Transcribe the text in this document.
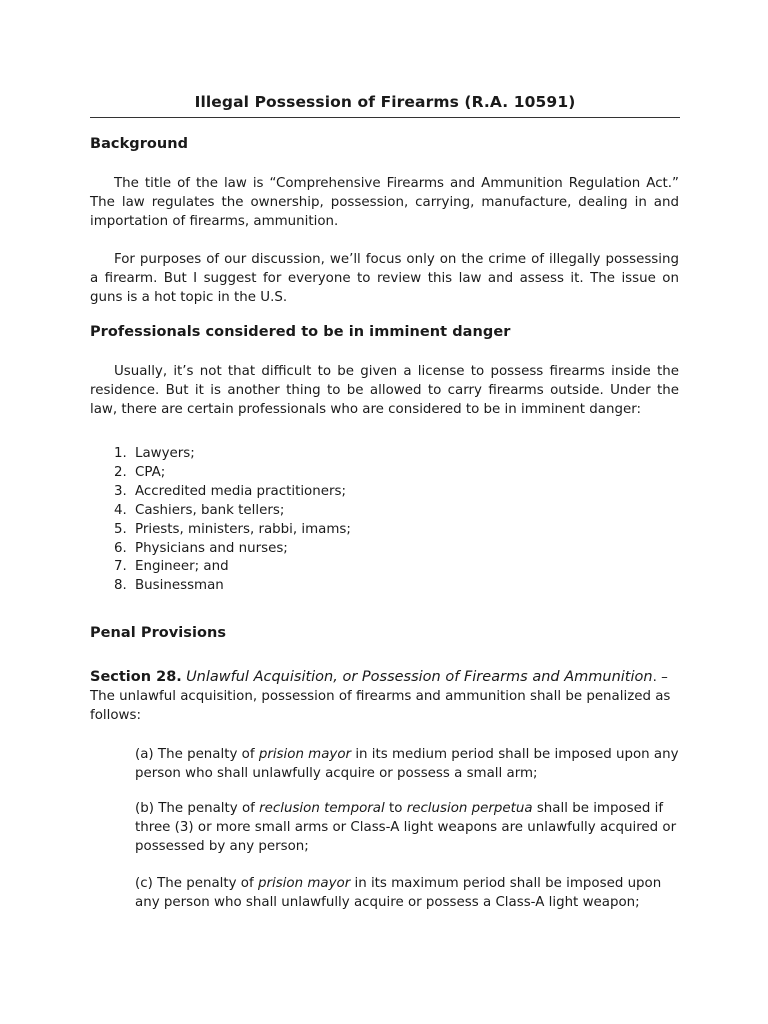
Illegal Possession of Firearms (R.A. 10591)
Background

The title of the law is “Comprehensive Firearms and Ammunition Regulation Act.” The law regulates the ownership, possession, carrying, manufacture, dealing in and importation of firearms, ammunition.

For purposes of our discussion, we’ll focus only on the crime of illegally possessing a firearm. But I suggest for everyone to review this law and assess it. The issue on guns is a hot topic in the U.S.

Professionals considered to be in imminent danger

Usually, it’s not that difficult to be given a license to possess firearms inside the residence. But it is another thing to be allowed to carry firearms outside. Under the law, there are certain professionals who are considered to be in imminent danger:

1. Lawyers;
2. CPA;
3. Accredited media practitioners;
4. Cashiers, bank tellers;
5. Priests, ministers, rabbi, imams;
6. Physicians and nurses;
7. Engineer; and
8. Businessman
Penal Provisions

Section 28. Unlawful Acquisition, or Possession of Firearms and Ammunition. – The unlawful acquisition, possession of firearms and ammunition shall be penalized as follows:

(a) The penalty of prision mayor in its medium period shall be imposed upon any person who shall unlawfully acquire or possess a small arm;

(b) The penalty of reclusion temporal to reclusion perpetua shall be imposed if three (3) or more small arms or Class-A light weapons are unlawfully acquired or possessed by any person;

(c) The penalty of prision mayor in its maximum period shall be imposed upon any person who shall unlawfully acquire or possess a Class-A light weapon;
